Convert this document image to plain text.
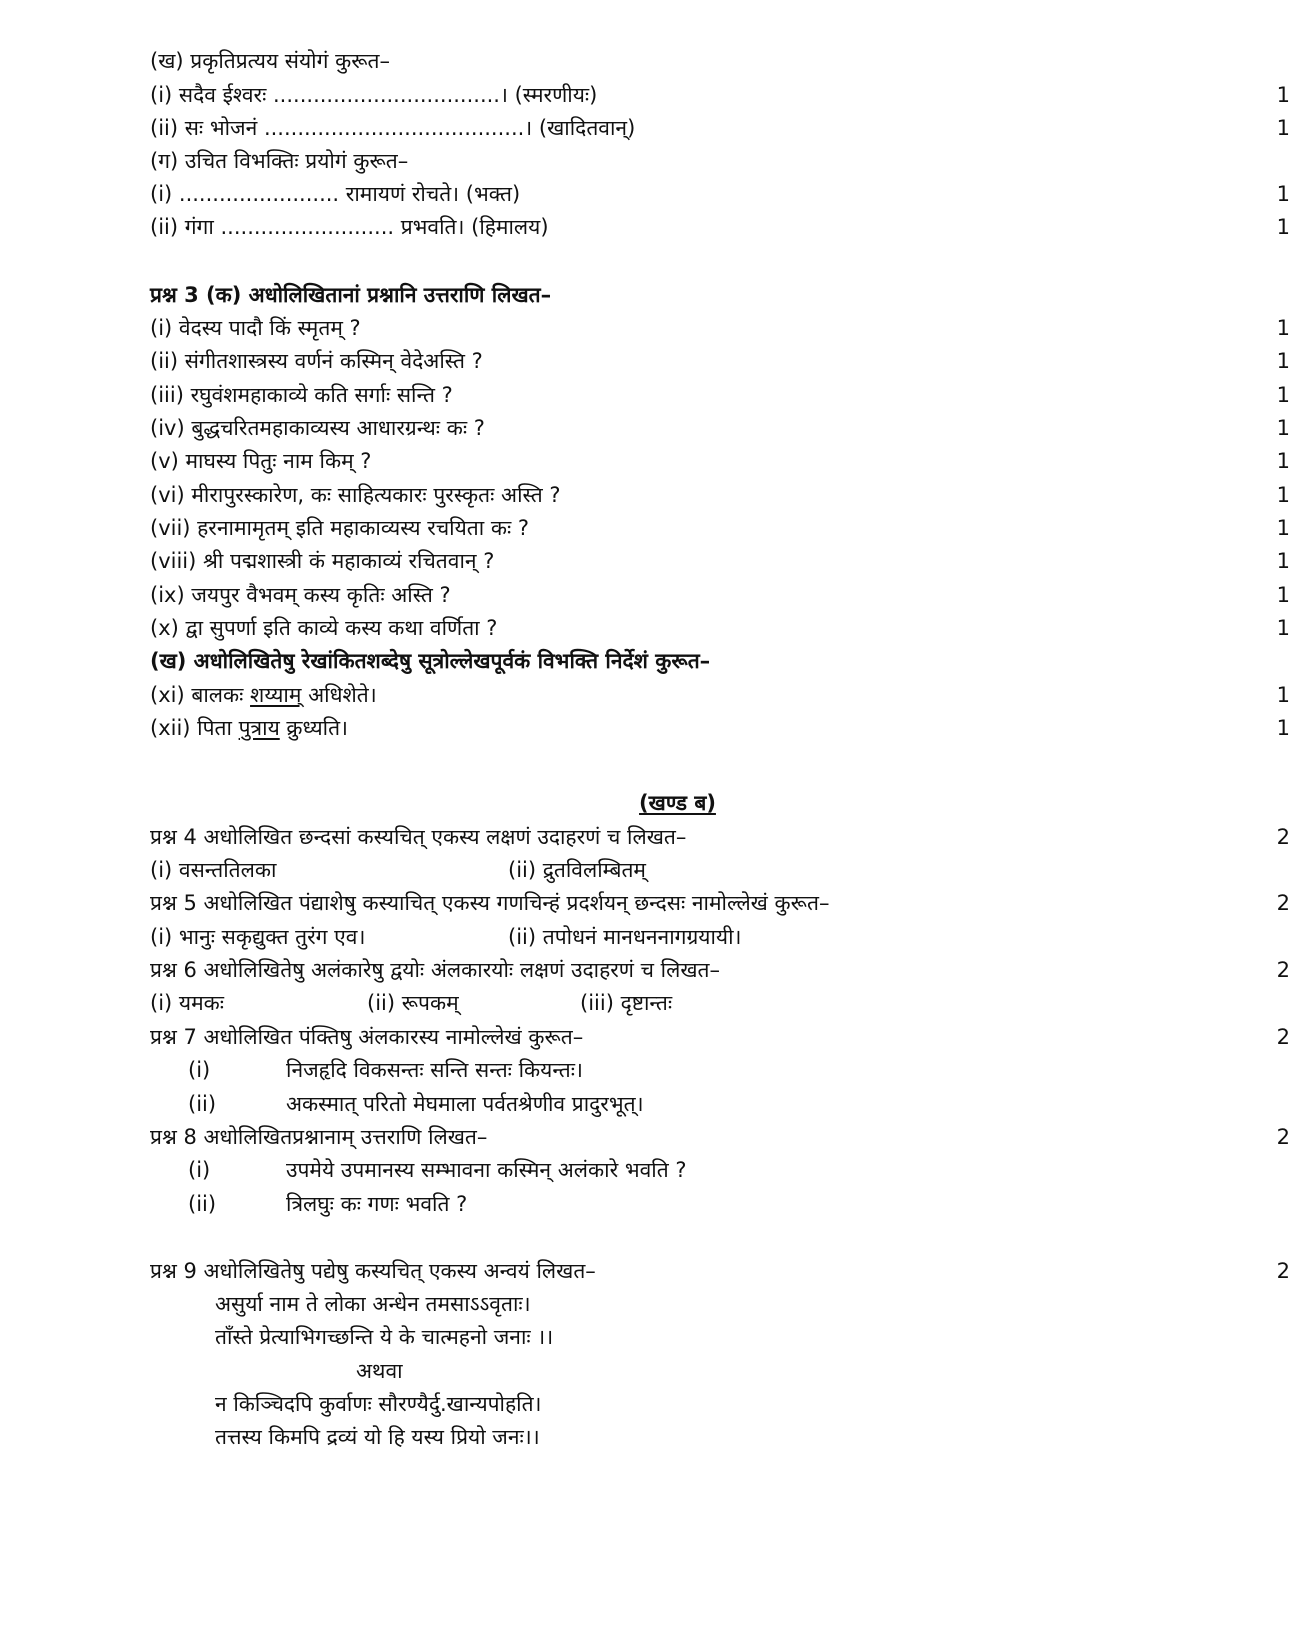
(ख) प्रकृतिप्रत्यय संयोगं कुरूत–
(i) सदैव ईश्वरः ..................................। (स्मरणीयः)	1
(ii) सः भोजनं .......................................। (खादितवान्)	1
(ग) उचित विभक्तिः प्रयोगं कुरूत–
(i) ........................ रामायणं रोचते। (भक्त)	1
(ii) गंगा .......................... प्रभवति। (हिमालय)	1
प्रश्न 3 (क) अधोलिखितानां प्रश्नानि उत्तराणि लिखत–
(i) वेदस्य पादौ किं स्मृतम् ?	1
(ii) संगीतशास्त्रस्य वर्णनं कस्मिन् वेदेअस्ति ?	1
(iii) रघुवंशमहाकाव्ये कति सर्गाः सन्ति ?	1
(iv) बुद्धचरितमहाकाव्यस्य आधारग्रन्थः कः ?	1
(v) माघस्य पितुः नाम किम् ?	1
(vi) मीरापुरस्कारेण, कः साहित्यकारः पुरस्कृतः अस्ति ?	1
(vii) हरनामामृतम् इति महाकाव्यस्य रचयिता कः ?	1
(viii) श्री पद्मशास्त्री कं महाकाव्यं रचितवान् ?	1
(ix) जयपुर वैभवम् कस्य कृतिः अस्ति ?	1
(x) द्वा सुपर्णा इति काव्ये कस्य कथा वर्णिता ?	1
(ख) अधोलिखितेषु रेखांकितशब्देषु सूत्रोल्लेखपूर्वकं विभक्ति निर्देशं कुरूत–
(xi) बालकः शय्याम् अधिशेते।	1
(xii) पिता पुत्राय क्रुध्यति।	1
(खण्ड ब)
प्रश्न 4 अधोलिखित छन्दसां कस्यचित् एकस्य लक्षणं उदाहरणं च लिखत–	2
(i) वसन्ततिलका	(ii) द्रुतविलम्बितम्
प्रश्न 5 अधोलिखित पंद्याशेषु कस्याचित् एकस्य गणचिन्हं प्रदर्शयन् छन्दसः नामोल्लेखं कुरूत–	2
(i) भानुः सकृद्युक्त तुरंग एव।	(ii) तपोधनं मानधननागग्रयायी।
प्रश्न 6 अधोलिखितेषु अलंकारेषु द्वयोः अंलकारयोः लक्षणं उदाहरणं च लिखत–	2
(i) यमकः	(ii) रूपकम्	(iii) दृष्टान्तः
प्रश्न 7 अधोलिखित पंक्तिषु अंलकारस्य नामोल्लेखं कुरूत–	2
(i)	निजहृदि विकसन्तः सन्ति सन्तः कियन्तः।
(ii)	अकस्मात् परितो मेघमाला पर्वतश्रेणीव प्रादुरभूत्।
प्रश्न 8 अधोलिखितप्रश्नानाम् उत्तराणि लिखत–	2
(i)	उपमेये उपमानस्य सम्भावना कस्मिन् अलंकारे भवति ?
(ii)	त्रिलघुः कः गणः भवति ?
प्रश्न 9 अधोलिखितेषु पद्येषु कस्यचित् एकस्य अन्वयं लिखत–	2
असुर्या नाम ते लोका अन्धेन तमसाऽऽवृताः।
ताँस्ते प्रेत्याभिगच्छन्ति ये के चात्महनो जनाः ।।
अथवा
न किञ्चिदपि कुर्वाणः सौरण्यैर्दु.खान्यपोहति।
तत्तस्य किमपि द्रव्यं यो हि यस्य प्रियो जनः।।
